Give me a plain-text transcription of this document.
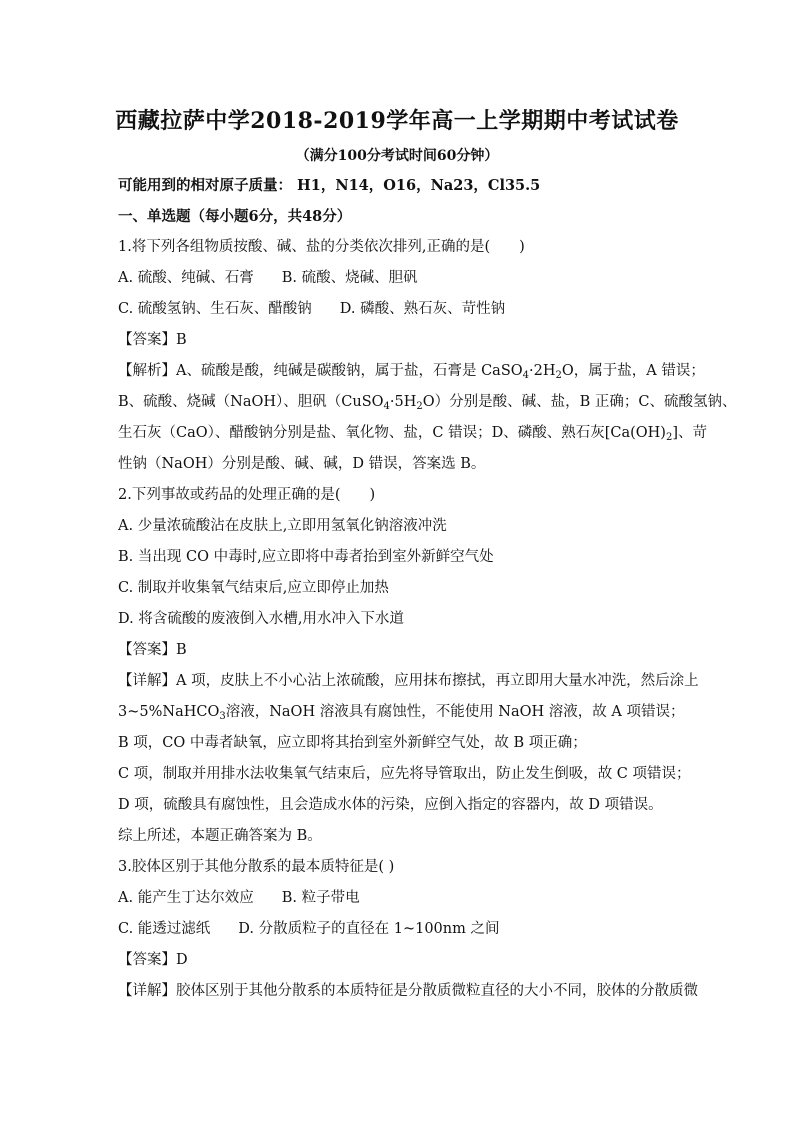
西藏拉萨中学2018-2019学年高一上学期期中考试试卷
（满分100分考试时间60分钟）
可能用到的相对原子质量： H1，N14，O16，Na23，Cl35.5
一、单选题（每小题6分，共48分）
1.将下列各组物质按酸、碱、盐的分类依次排列,正确的是(　　)
A. 硫酸、纯碱、石膏 B. 硫酸、烧碱、胆矾
C. 硫酸氢钠、生石灰、醋酸钠 D. 磷酸、熟石灰、苛性钠
【答案】B
【解析】A、硫酸是酸，纯碱是碳酸钠，属于盐，石膏是 $CaSO_4\cdot 2H_2O$，属于盐，A 错误；
B、硫酸、烧碱（NaOH）、胆矾$(CuSO_4\cdot 5H_2O)$分别是酸、碱、盐，B 正确；C、硫酸氢钠、
生石灰（CaO）、醋酸钠分别是盐、氧化物、盐，C 错误；D、磷酸、熟石灰$[Ca(OH)_2]$、苛
性钠（NaOH）分别是酸、碱、碱，D 错误，答案选 B。
2.下列事故或药品的处理正确的是(　　)
A. 少量浓硫酸沾在皮肤上,立即用氢氧化钠溶液冲洗
B. 当出现 CO 中毒时,应立即将中毒者抬到室外新鲜空气处
C. 制取并收集氧气结束后,应立即停止加热
D. 将含硫酸的废液倒入水槽,用水冲入下水道
【答案】B
【详解】A 项，皮肤上不小心沾上浓硫酸，应用抹布擦拭，再立即用大量水冲洗，然后涂上
3~5%NaHCO$_3$溶液，NaOH 溶液具有腐蚀性，不能使用 NaOH 溶液，故 A 项错误；
B 项，CO 中毒者缺氧，应立即将其抬到室外新鲜空气处，故 B 项正确；
C 项，制取并用排水法收集氧气结束后，应先将导管取出，防止发生倒吸，故 C 项错误；
D 项，硫酸具有腐蚀性，且会造成水体的污染，应倒入指定的容器内，故 D 项错误。
综上所述，本题正确答案为 B。
3.胶体区别于其他分散系的最本质特征是( )
A. 能产生丁达尔效应 B. 粒子带电
C. 能透过滤纸 D. 分散质粒子的直径在 1~100nm 之间
【答案】D
【详解】胶体区别于其他分散系的本质特征是分散质微粒直径的大小不同，胶体的分散质微
